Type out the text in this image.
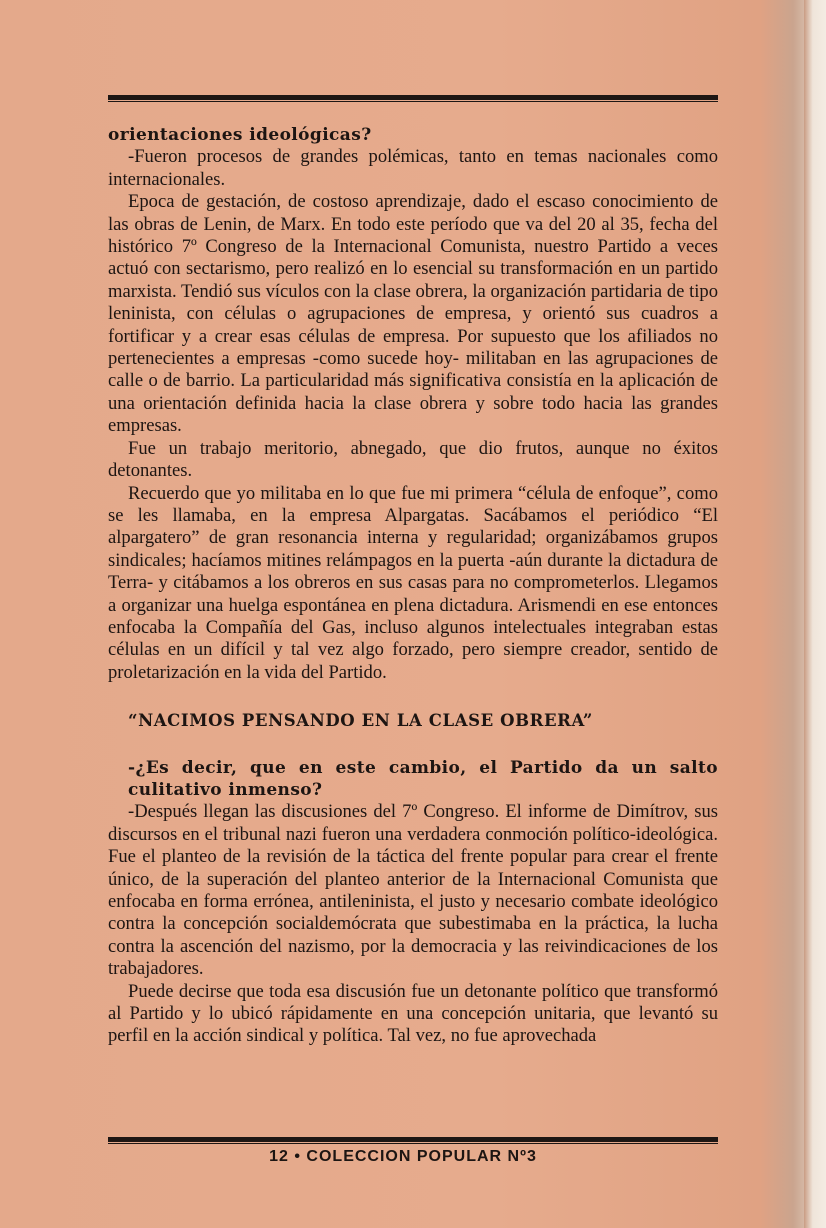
orientaciones ideológicas?

-Fueron procesos de grandes polémicas, tanto en temas nacionales como internacionales.

Epoca de gestación, de costoso aprendizaje, dado el escaso conocimiento de las obras de Lenin, de Marx. En todo este período que va del 20 al 35, fecha del histórico 7º Congreso de la Internacional Comunista, nuestro Partido a veces actuó con sectarismo, pero realizó en lo esencial su transformación en un partido marxista. Tendió sus vículos con la clase obrera, la organización partidaria de tipo leninista, con células o agrupaciones de empresa, y orientó sus cuadros a fortificar y a crear esas células de empresa. Por supuesto que los afiliados no pertenecientes a empresas -como sucede hoy- militaban en las agrupaciones de calle o de barrio. La particularidad más significativa consistía en la aplicación de una orientación definida hacia la clase obrera y sobre todo hacia las grandes empresas.

Fue un trabajo meritorio, abnegado, que dio frutos, aunque no éxitos detonantes.

Recuerdo que yo militaba en lo que fue mi primera “célula de enfoque”, como se les llamaba, en la empresa Alpargatas. Sacábamos el periódico “El alpargatero” de gran resonancia interna y regularidad; organizábamos grupos sindicales; hacíamos mitines relámpagos en la puerta -aún durante la dictadura de Terra- y citábamos a los obreros en sus casas para no comprometerlos. Llegamos a organizar una huelga espontánea en plena dictadura. Arismendi en ese entonces enfocaba la Compañía del Gas, incluso algunos intelectuales integraban estas células en un difícil y tal vez algo forzado, pero siempre creador, sentido de proletarización en la vida del Partido.

“NACIMOS PENSANDO EN LA CLASE OBRERA”

-¿Es decir, que en este cambio, el Partido da un salto culitativo inmenso?

-Después llegan las discusiones del 7º Congreso. El informe de Dimítrov, sus discursos en el tribunal nazi fueron una verdadera conmoción político-ideológica. Fue el planteo de la revisión de la táctica del frente popular para crear el frente único, de la superación del planteo anterior de la Internacional Comunista que enfocaba en forma errónea, antileninista, el justo y necesario combate ideológico contra la concepción socialdemócrata que subestimaba en la práctica, la lucha contra la ascención del nazismo, por la democracia y las reivindicaciones de los trabajadores.

Puede decirse que toda esa discusión fue un detonante político que transformó al Partido y lo ubicó rápidamente en una concepción unitaria, que levantó su perfil en la acción sindical y política. Tal vez, no fue aprovechada

12 • COLECCION POPULAR Nº3
